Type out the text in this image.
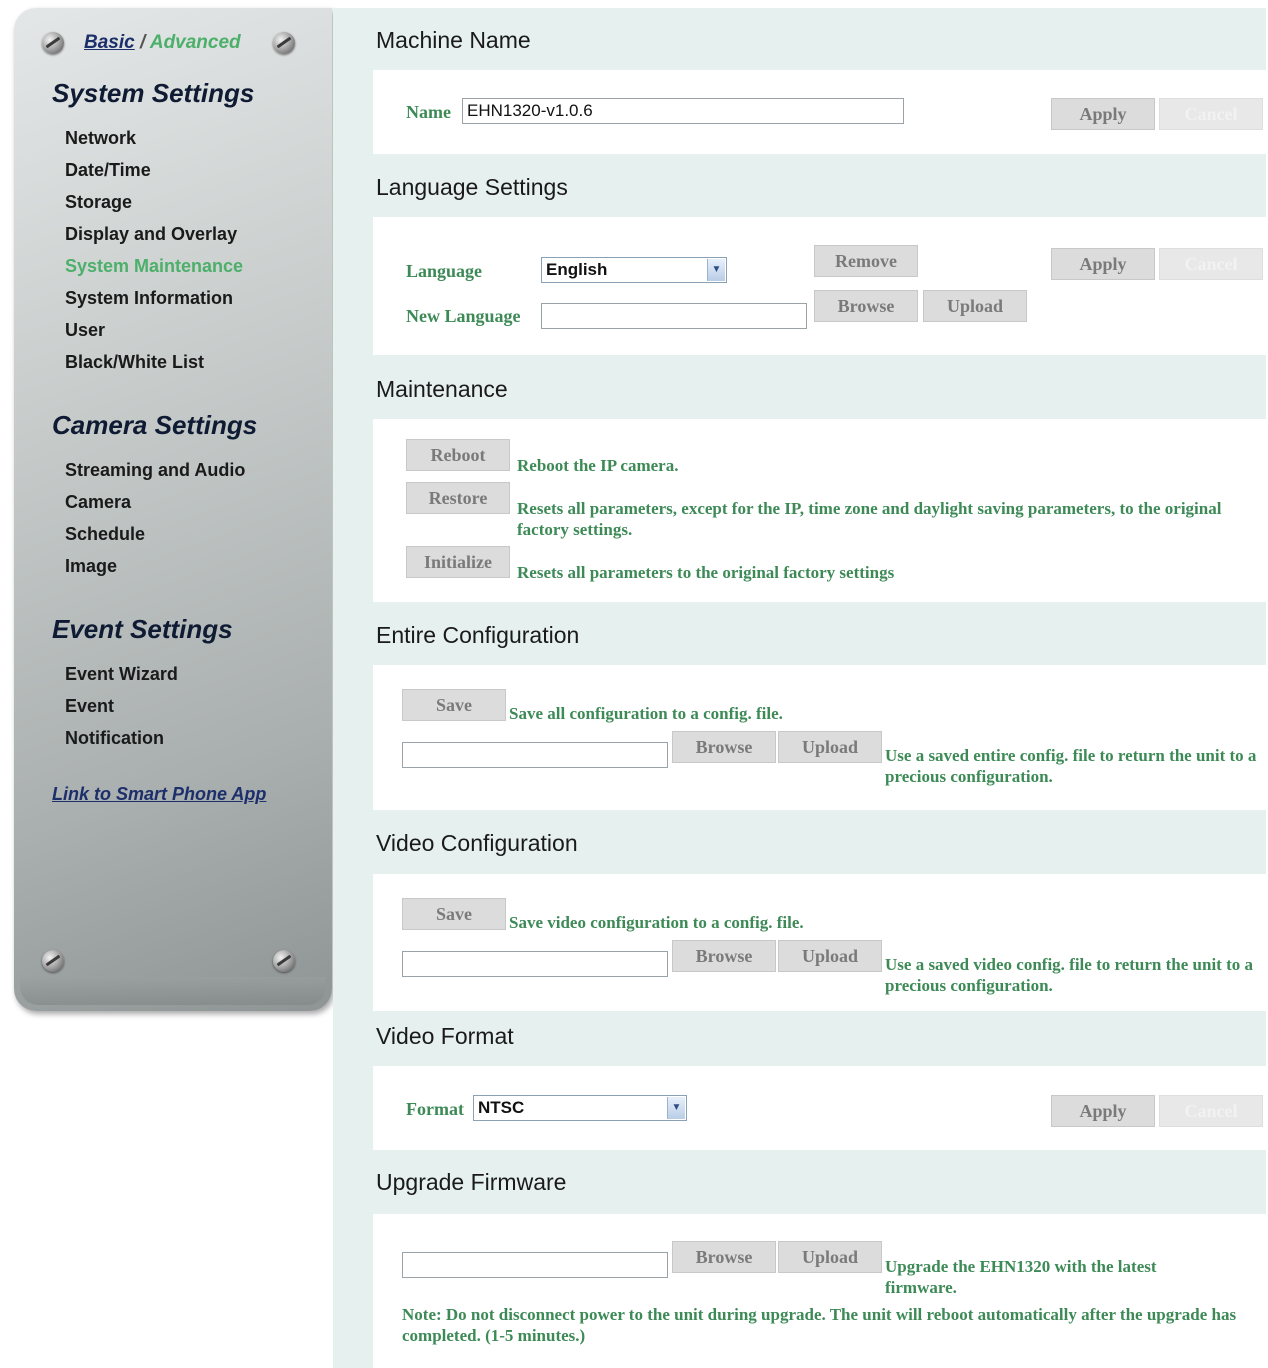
Basic / Advanced
System Settings
Network
Date/Time
Storage
Display and Overlay
System Maintenance
System Information
User
Black/White List
Camera Settings
Streaming and Audio
Camera
Schedule
Image
Event Settings
Event Wizard
Event
Notification
Link to Smart Phone App
Machine Name
Name EHN1320-v1.0.6	Apply	Cancel
Language Settings
Language	English	▼
New Language
Remove
Browse	Upload
Apply	Cancel
Maintenance
Reboot
Reboot the IP camera.
Restore
Resets all parameters, except for the IP, time zone and daylight saving parameters, to the original factory settings.
Initialize
Resets all parameters to the original factory settings
Entire Configuration
Save	Save all configuration to a config. file.
Browse	Upload	Use a saved entire config. file to return the unit to a precious configuration.
Video Configuration
Save	Save video configuration to a config. file.
Browse	Upload	Use a saved video config. file to return the unit to a precious configuration.
Video Format
Format NTSC	▼	Apply	Cancel
Upgrade Firmware
Browse	Upload	Upgrade the EHN1320 with the latest firmware.
Note: Do not disconnect power to the unit during upgrade. The unit will reboot automatically after the upgrade has completed. (1-5 minutes.)
